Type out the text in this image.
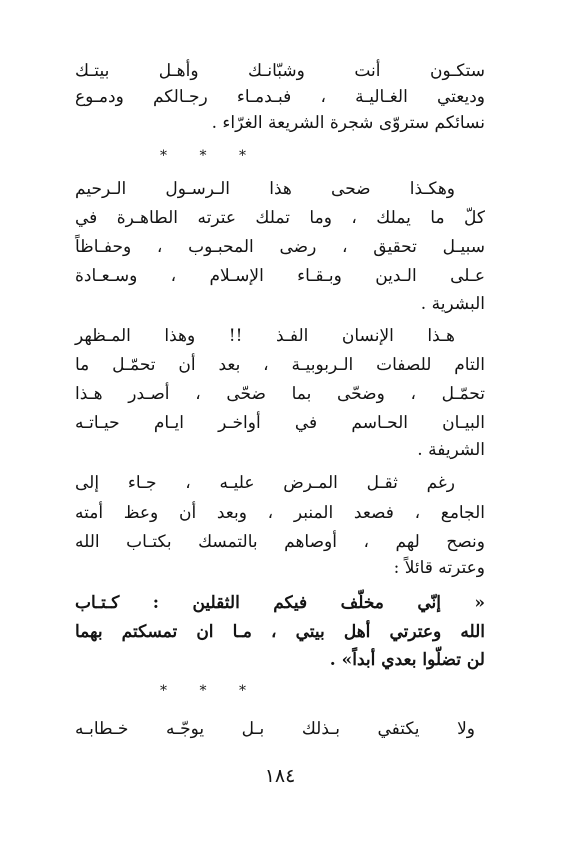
ستكـون أنت وشبّانـك وأهـل بيتـك
وديعتي الغـاليـة ، فبـدمـاء رجـالكم ودمـوع
نسائكم ستروّى شجرة الشريعة الغرّاء .
* * *
وهكـذا ضحى هذا الـرسـول الـرحيم
كلّ ما يملك ، وما تملك عترته الطاهـرة في
سبيـل تحقيق ، رضى المحبـوب ، وحفـاظاً
عـلى الـدين وبـقـاء الإسـلام ، وسـعـادة
البشرية .
هـذا الإنسان الفـذ !! وهذا المـظهر
التام للصفات الـربوبيـة ، بعد أن تحمّـل ما
تحمّـل ، وضحّى بما ضحّى ، أصـدر هـذا
البيـان الحـاسم في أواخـر ايـام حيـاتـه
الشريفة .
رغم ثقـل المـرض عليـه ، جـاء إلى
الجامع ، فصعد المنبر ، وبعد أن وعظ أمته
ونصح لهم ، أوصاهم بالتمسك بكتـاب الله
وعترته قائلاً :
« إنّي مخلّف فيكم الثقلين : كـتـاب
الله وعترتي أهل بيتي ، مـا ان تمسكتم بهما
لن تضلّوا بعدي أبداً» .
* * *
ولا يكتفي بـذلك بـل يوجّـه خـطابـه
١٨٤
